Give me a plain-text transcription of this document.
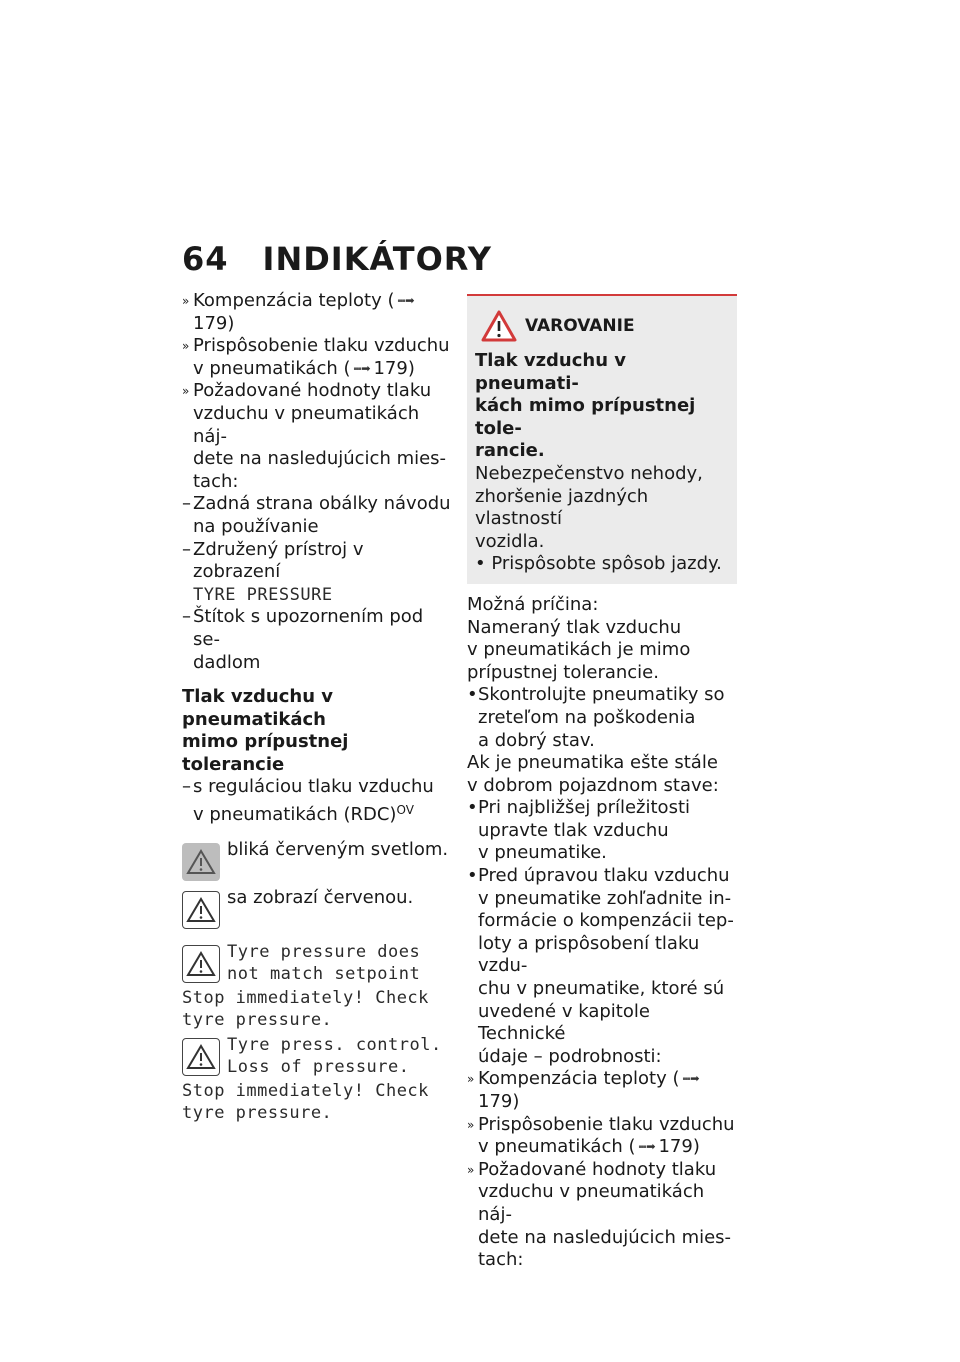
64 INDIKÁTORY
» Kompenzácia teploty ( ▪▪▪ ➡179)
» Prispôsobenie tlaku vzduchu
v pneumatikách ( ▪▪▪ ➡ 179)
» Požadované hodnoty tlaku
vzduchu v pneumatikách náj-
dete na nasledujúcich mies-
tach:
– Zadná strana obálky návodu
na používanie
– Združený prístroj v zobrazení
TYRE PRESSURE
– Štítok s upozornením pod se-
dadlom
Tlak vzduchu v pneumatikách
mimo prípustnej tolerancie
– s reguláciou tlaku vzduchu
v pneumatikách (RDC)$^{OV}$
bliká červeným svetlom.
sa zobrazí červenou.
Tyre pressure does
not match setpoint
Stop immediately! Check
tyre pressure.
Tyre press. control.
Loss of pressure.
Stop immediately! Check
tyre pressure.
VAROVANIE
Tlak vzduchu v pneumati-
kách mimo prípustnej tole-
rancie.
Nebezpečenstvo nehody,
zhoršenie jazdných vlastností
vozidla.
• Prispôsobte spôsob jazdy.
Možná príčina:
Nameraný tlak vzduchu
v pneumatikách je mimo
prípustnej tolerancie.
• Skontrolujte pneumatiky so
zreteľom na poškodenia
a dobrý stav.
Ak je pneumatika ešte stále
v dobrom pojazdnom stave:
• Pri najbližšej príležitosti
upravte tlak vzduchu
v pneumatike.
• Pred úpravou tlaku vzduchu
v pneumatike zohľadnite in-
formácie o kompenzácii tep-
loty a prispôsobení tlaku vzdu-
chu v pneumatike, ktoré sú
uvedené v kapitole Technické
údaje – podrobnosti:
» Kompenzácia teploty ( ▪▪▪ ➡179)
» Prispôsobenie tlaku vzduchu
v pneumatikách ( ▪▪▪ ➡ 179)
» Požadované hodnoty tlaku
vzduchu v pneumatikách náj-
dete na nasledujúcich mies-
tach:
